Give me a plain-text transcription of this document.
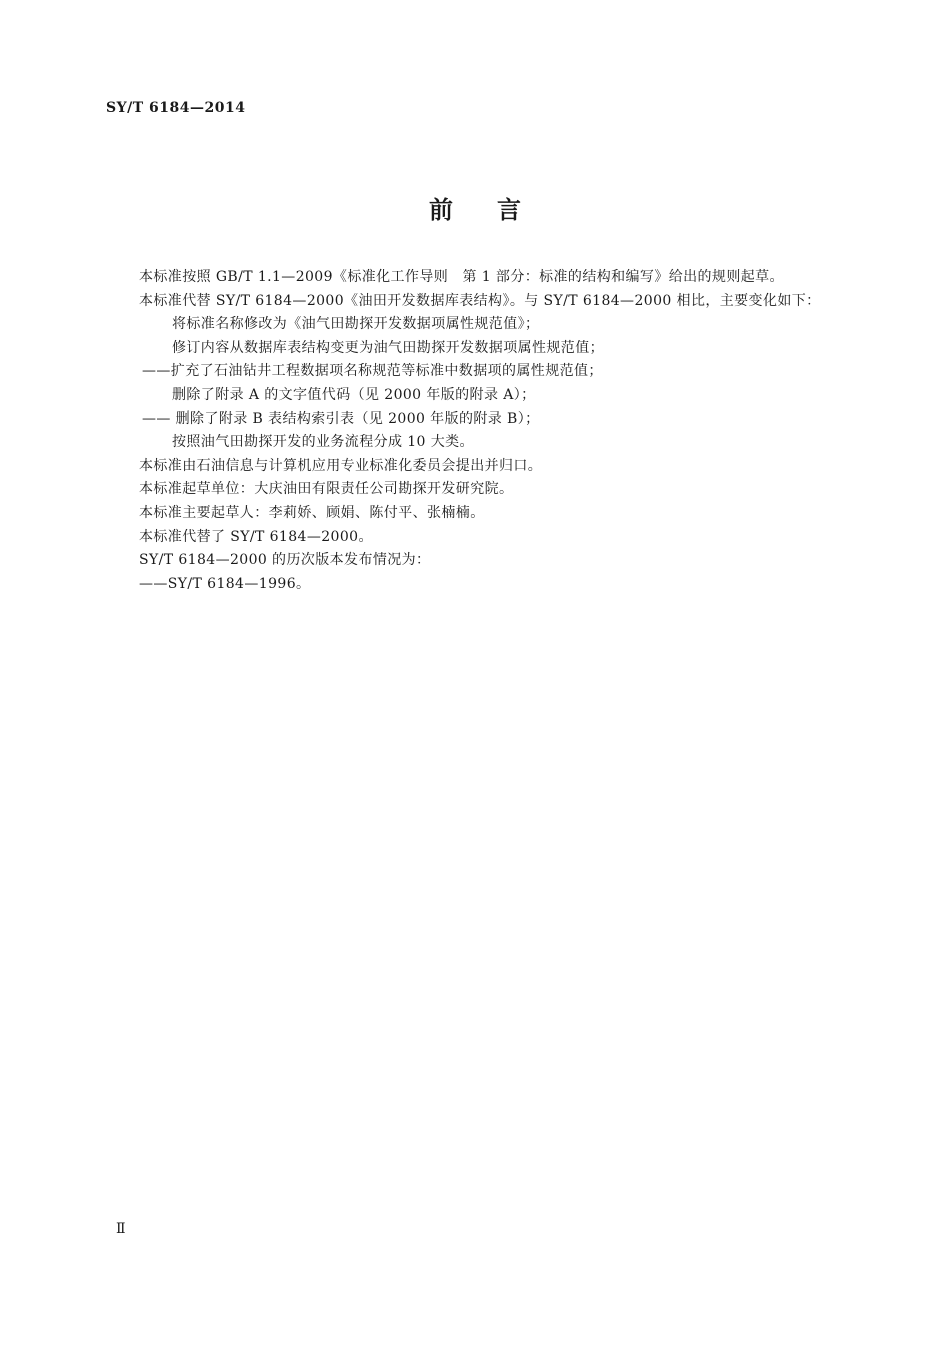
SY/T 6184—2014
前言

本标准按照 GB/T 1.1—2009《标准化工作导则　第 1 部分：标准的结构和编写》给出的规则起草。

本标准代替 SY/T 6184—2000《油田开发数据库表结构》。与 SY/T 6184—2000 相比，主要变化如下：

将标准名称修改为《油气田勘探开发数据项属性规范值》；

修订内容从数据库表结构变更为油气田勘探开发数据项属性规范值；

——扩充了石油钻井工程数据项名称规范等标准中数据项的属性规范值；

删除了附录 A 的文字值代码（见 2000 年版的附录 A）；

—— 删除了附录 B 表结构索引表（见 2000 年版的附录 B）；

按照油气田勘探开发的业务流程分成 10 大类。

本标准由石油信息与计算机应用专业标准化委员会提出并归口。

本标准起草单位：大庆油田有限责任公司勘探开发研究院。

本标准主要起草人：李莉娇、顾娟、陈付平、张楠楠。

本标准代替了 SY/T 6184—2000。

SY/T 6184—2000 的历次版本发布情况为：

——SY/T 6184—1996。

Ⅱ
